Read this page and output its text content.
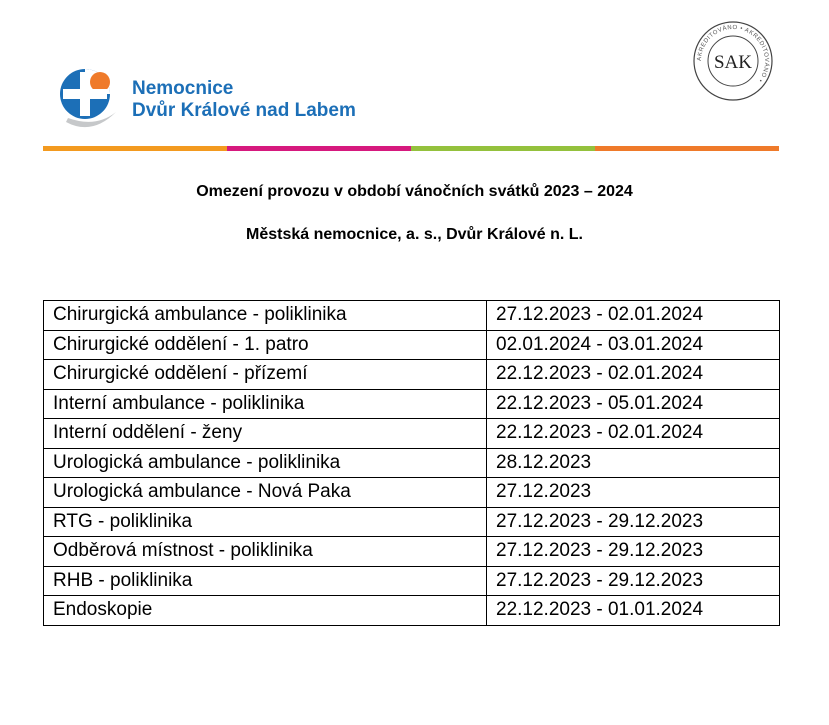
Nemocnice
Dvůr Králové nad Labem
AKREDITOVÁNO • AKREDITOVÁNO •
SAK
Omezení provozu v období vánočních svátků 2023 – 2024
Městská nemocnice, a. s., Dvůr Králové n. L.
Chirurgická ambulance - poliklinika	27.12.2023 - 02.01.2024
Chirurgické oddělení - 1. patro	02.01.2024 - 03.01.2024
Chirurgické oddělení - přízemí	22.12.2023 - 02.01.2024
Interní ambulance - poliklinika	22.12.2023 - 05.01.2024
Interní oddělení - ženy	22.12.2023 - 02.01.2024
Urologická ambulance - poliklinika	28.12.2023
Urologická ambulance - Nová Paka	27.12.2023
RTG - poliklinika	27.12.2023 - 29.12.2023
Odběrová místnost - poliklinika	27.12.2023 - 29.12.2023
RHB - poliklinika	27.12.2023 - 29.12.2023
Endoskopie	22.12.2023 - 01.01.2024
